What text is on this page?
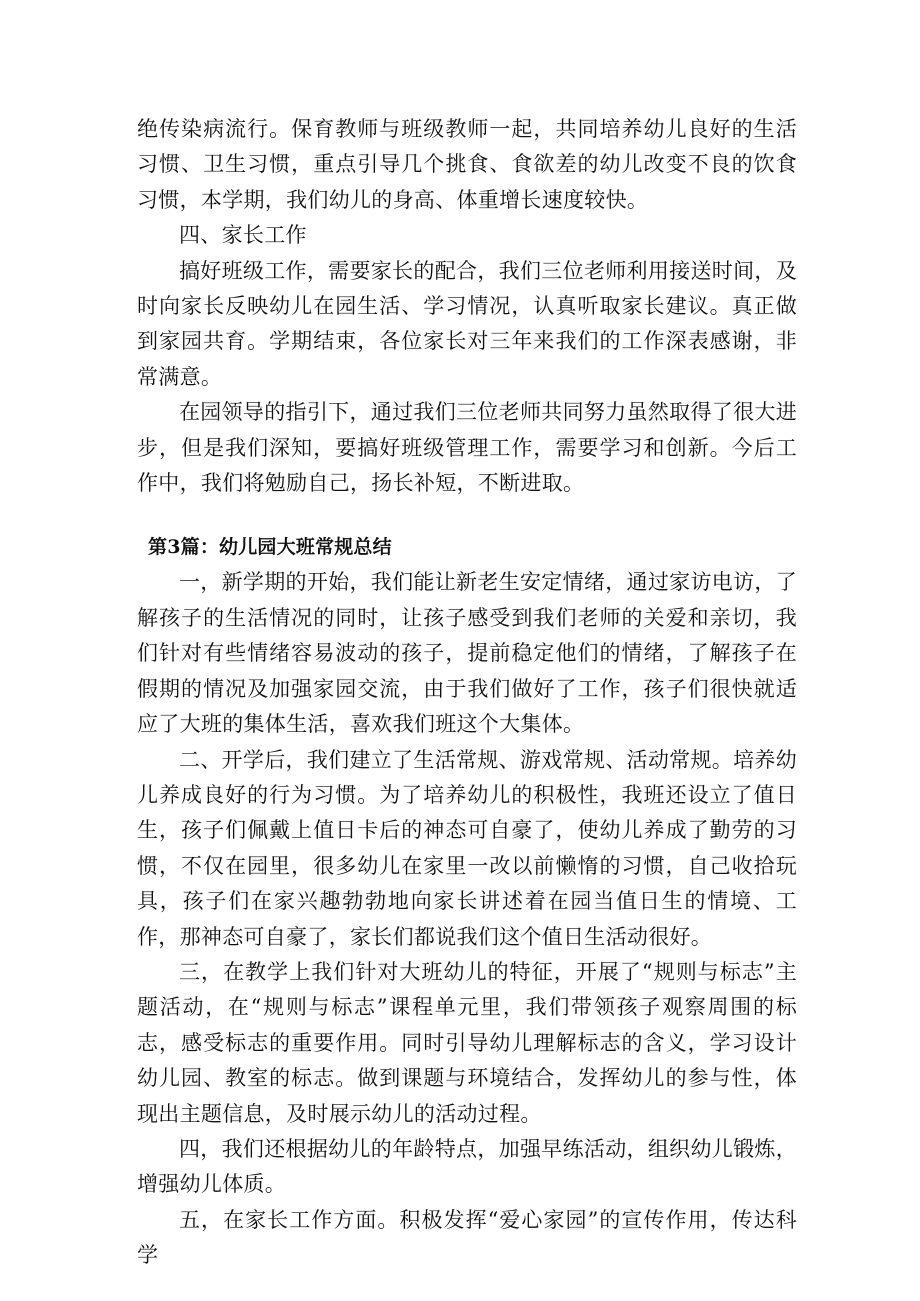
绝传染病流行。保育教师与班级教师一起，共同培养幼儿良好的生活习惯、卫生习惯，重点引导几个挑食、食欲差的幼儿改变不良的饮食习惯，本学期，我们幼儿的身高、体重增长速度较快。

四、家长工作

搞好班级工作，需要家长的配合，我们三位老师利用接送时间，及时向家长反映幼儿在园生活、学习情况，认真听取家长建议。真正做到家园共育。学期结束，各位家长对三年来我们的工作深表感谢，非常满意。

在园领导的指引下，通过我们三位老师共同努力虽然取得了很大进步，但是我们深知，要搞好班级管理工作，需要学习和创新。今后工作中，我们将勉励自己，扬长补短，不断进取。

第3篇：幼儿园大班常规总结

一，新学期的开始，我们能让新老生安定情绪，通过家访电访，了解孩子的生活情况的同时，让孩子感受到我们老师的关爱和亲切，我们针对有些情绪容易波动的孩子，提前稳定他们的情绪，了解孩子在假期的情况及加强家园交流，由于我们做好了工作，孩子们很快就适应了大班的集体生活，喜欢我们班这个大集体。

二、开学后，我们建立了生活常规、游戏常规、活动常规。培养幼儿养成良好的行为习惯。为了培养幼儿的积极性，我班还设立了值日生，孩子们佩戴上值日卡后的神态可自豪了，使幼儿养成了勤劳的习惯，不仅在园里，很多幼儿在家里一改以前懒惰的习惯，自己收拾玩具，孩子们在家兴趣勃勃地向家长讲述着在园当值日生的情境、工作，那神态可自豪了，家长们都说我们这个值日生活动很好。

三，在教学上我们针对大班幼儿的特征，开展了“规则与标志”主题活动，在“规则与标志”课程单元里，我们带领孩子观察周围的标志，感受标志的重要作用。同时引导幼儿理解标志的含义，学习设计幼儿园、教室的标志。做到课题与环境结合，发挥幼儿的参与性，体现出主题信息，及时展示幼儿的活动过程。

四，我们还根据幼儿的年龄特点，加强早练活动，组织幼儿锻炼，增强幼儿体质。

五，在家长工作方面。积极发挥“爱心家园”的宣传作用，传达科学
